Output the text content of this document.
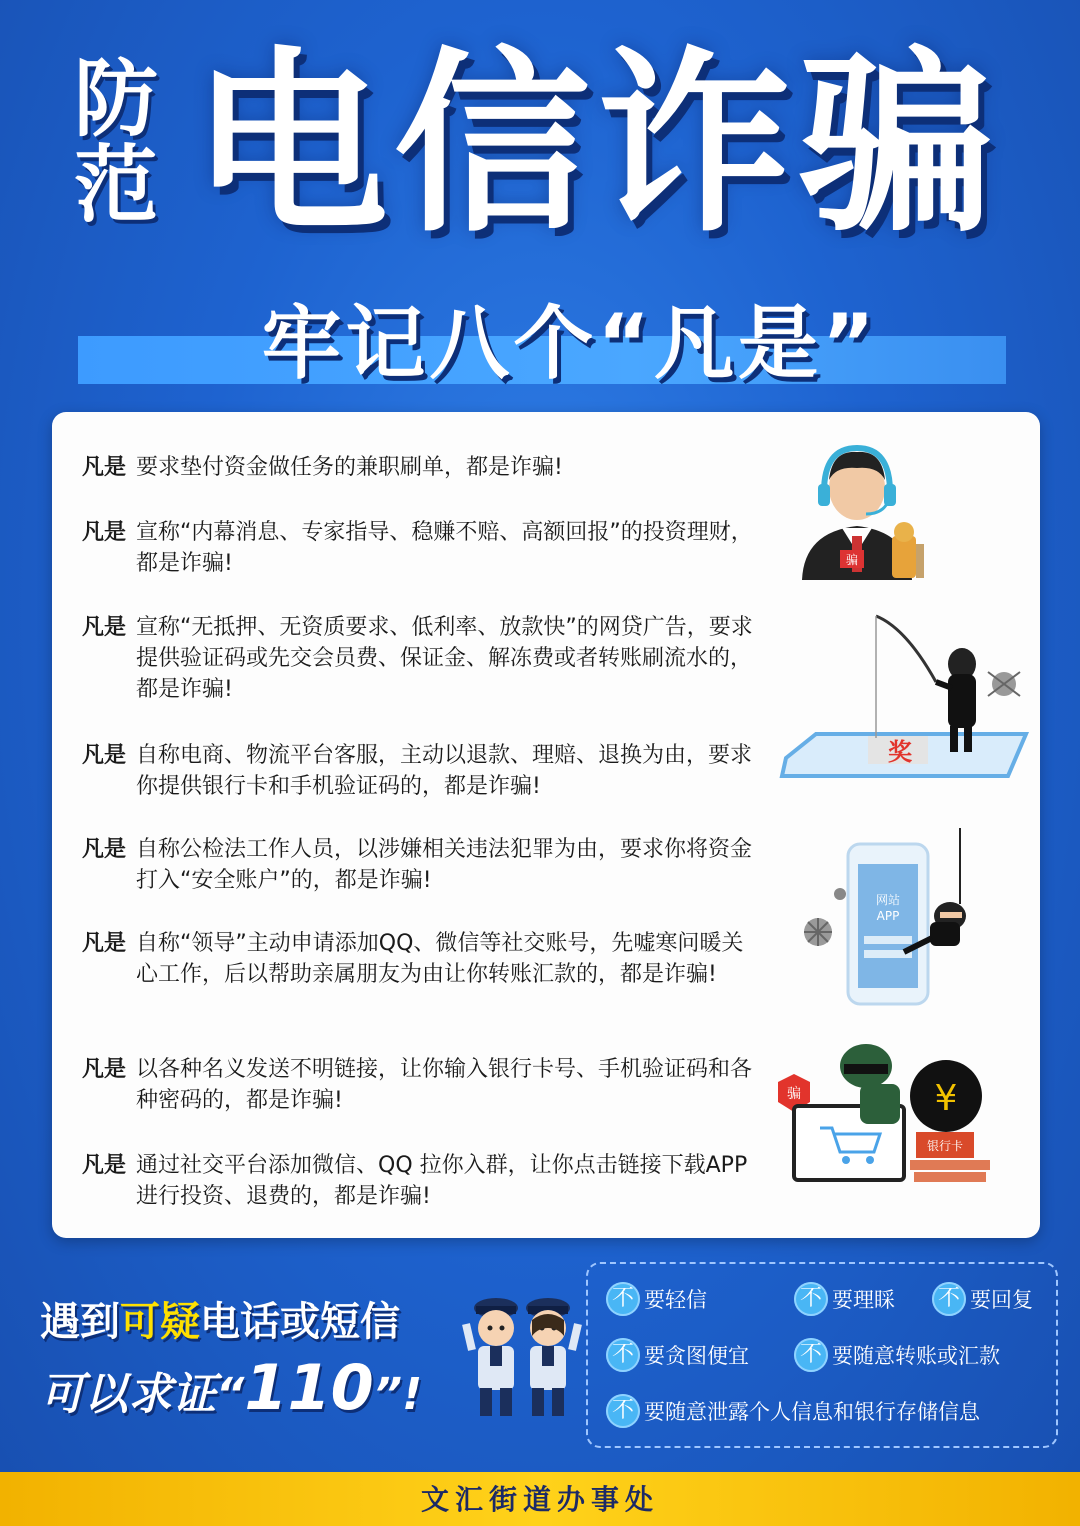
防
范 电信诈骗
牢记八个“凡是”
凡是 要求垫付资金做任务的兼职刷单，都是诈骗!
凡是 宣称“内幕消息、专家指导、稳赚不赔、高额回报”的投资理财，都是诈骗!
凡是 宣称“无抵押、无资质要求、低利率、放款快”的网贷广告，要求提供验证码或先交会员费、保证金、解冻费或者转账刷流水的，都是诈骗!
凡是 自称电商、物流平台客服，主动以退款、理赔、退换为由，要求你提供银行卡和手机验证码的，都是诈骗!
凡是 自称公检法工作人员，以涉嫌相关违法犯罪为由，要求你将资金打入“安全账户”的，都是诈骗!
凡是 自称“领导”主动申请添加QQ、微信等社交账号，先嘘寒问暖关心工作，后以帮助亲属朋友为由让你转账汇款的，都是诈骗!
凡是 以各种名义发送不明链接，让你输入银行卡号、手机验证码和各种密码的，都是诈骗!
凡是 通过社交平台添加微信、QQ 拉你入群，让你点击链接下载APP进行投资、退费的，都是诈骗!
骗
奖
网站
APP
骗	¥
银行卡
遇到可疑电话或短信
可以求证“110”!
不 要轻信	不 要理睬 不 要回复
不 要贪图便宜 不 要随意转账或汇款
不 要随意泄露个人信息和银行存储信息
文汇街道办事处
